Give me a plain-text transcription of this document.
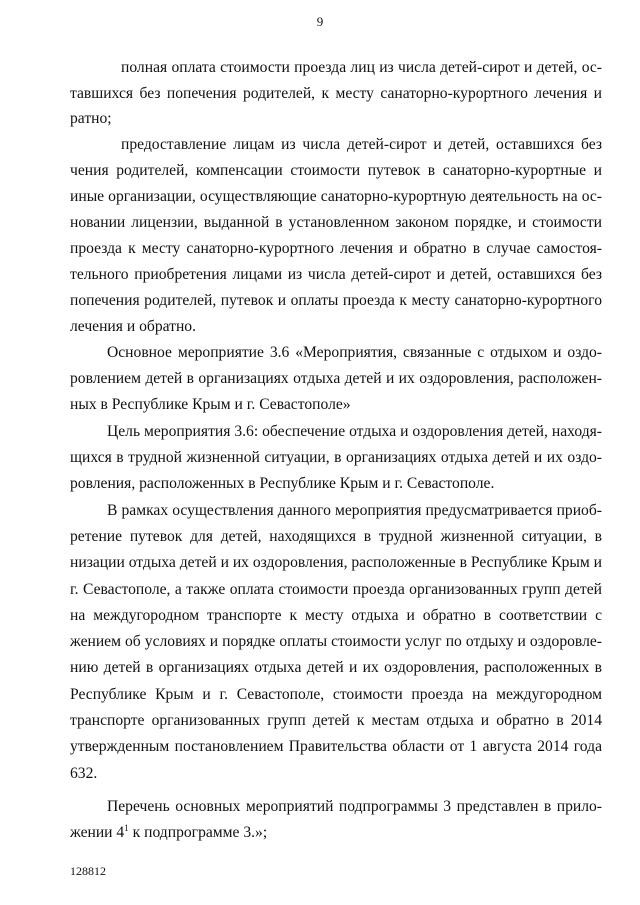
9
полная оплата стоимости проезда лиц из числа детей-сирот и детей, ос-
тавшихся без попечения родителей, к месту санаторно-курортного лечения и
ратно;
предоставление лицам из числа детей-сирот и детей, оставшихся без
чения родителей, компенсации стоимости путевок в санаторно-курортные и
иные организации, осуществляющие санаторно-курортную деятельность на ос-
новании лицензии, выданной в установленном законом порядке, и стоимости
проезда к месту санаторно-курортного лечения и обратно в случае самостоя-
тельного приобретения лицами из числа детей-сирот и детей, оставшихся без
попечения родителей, путевок и оплаты проезда к месту санаторно-курортного
лечения и обратно.
Основное мероприятие 3.6 «Мероприятия, связанные с отдыхом и оздо-
ровлением детей в организациях отдыха детей и их оздоровления, расположен-
ных в Республике Крым и г. Севастополе»
Цель мероприятия 3.6: обеспечение отдыха и оздоровления детей, находя-
щихся в трудной жизненной ситуации, в организациях отдыха детей и их оздо-
ровления, расположенных в Республике Крым и г. Севастополе.
В рамках осуществления данного мероприятия предусматривается приоб-
ретение путевок для детей, находящихся в трудной жизненной ситуации, в
низации отдыха детей и их оздоровления, расположенные в Республике Крым и
г. Севастополе, а также оплата стоимости проезда организованных групп детей
на междугородном транспорте к месту отдыха и обратно в соответствии с
жением об условиях и порядке оплаты стоимости услуг по отдыху и оздоровле-
нию детей в организациях отдыха детей и их оздоровления, расположенных в
Республике Крым и г. Севастополе, стоимости проезда на междугородном
транспорте организованных групп детей к местам отдыха и обратно в 2014
утвержденным постановлением Правительства области от 1 августа 2014 года
632.
Перечень основных мероприятий подпрограммы 3 представлен в прило-
жении $4^1$ к подпрограмме 3.»;
128812
